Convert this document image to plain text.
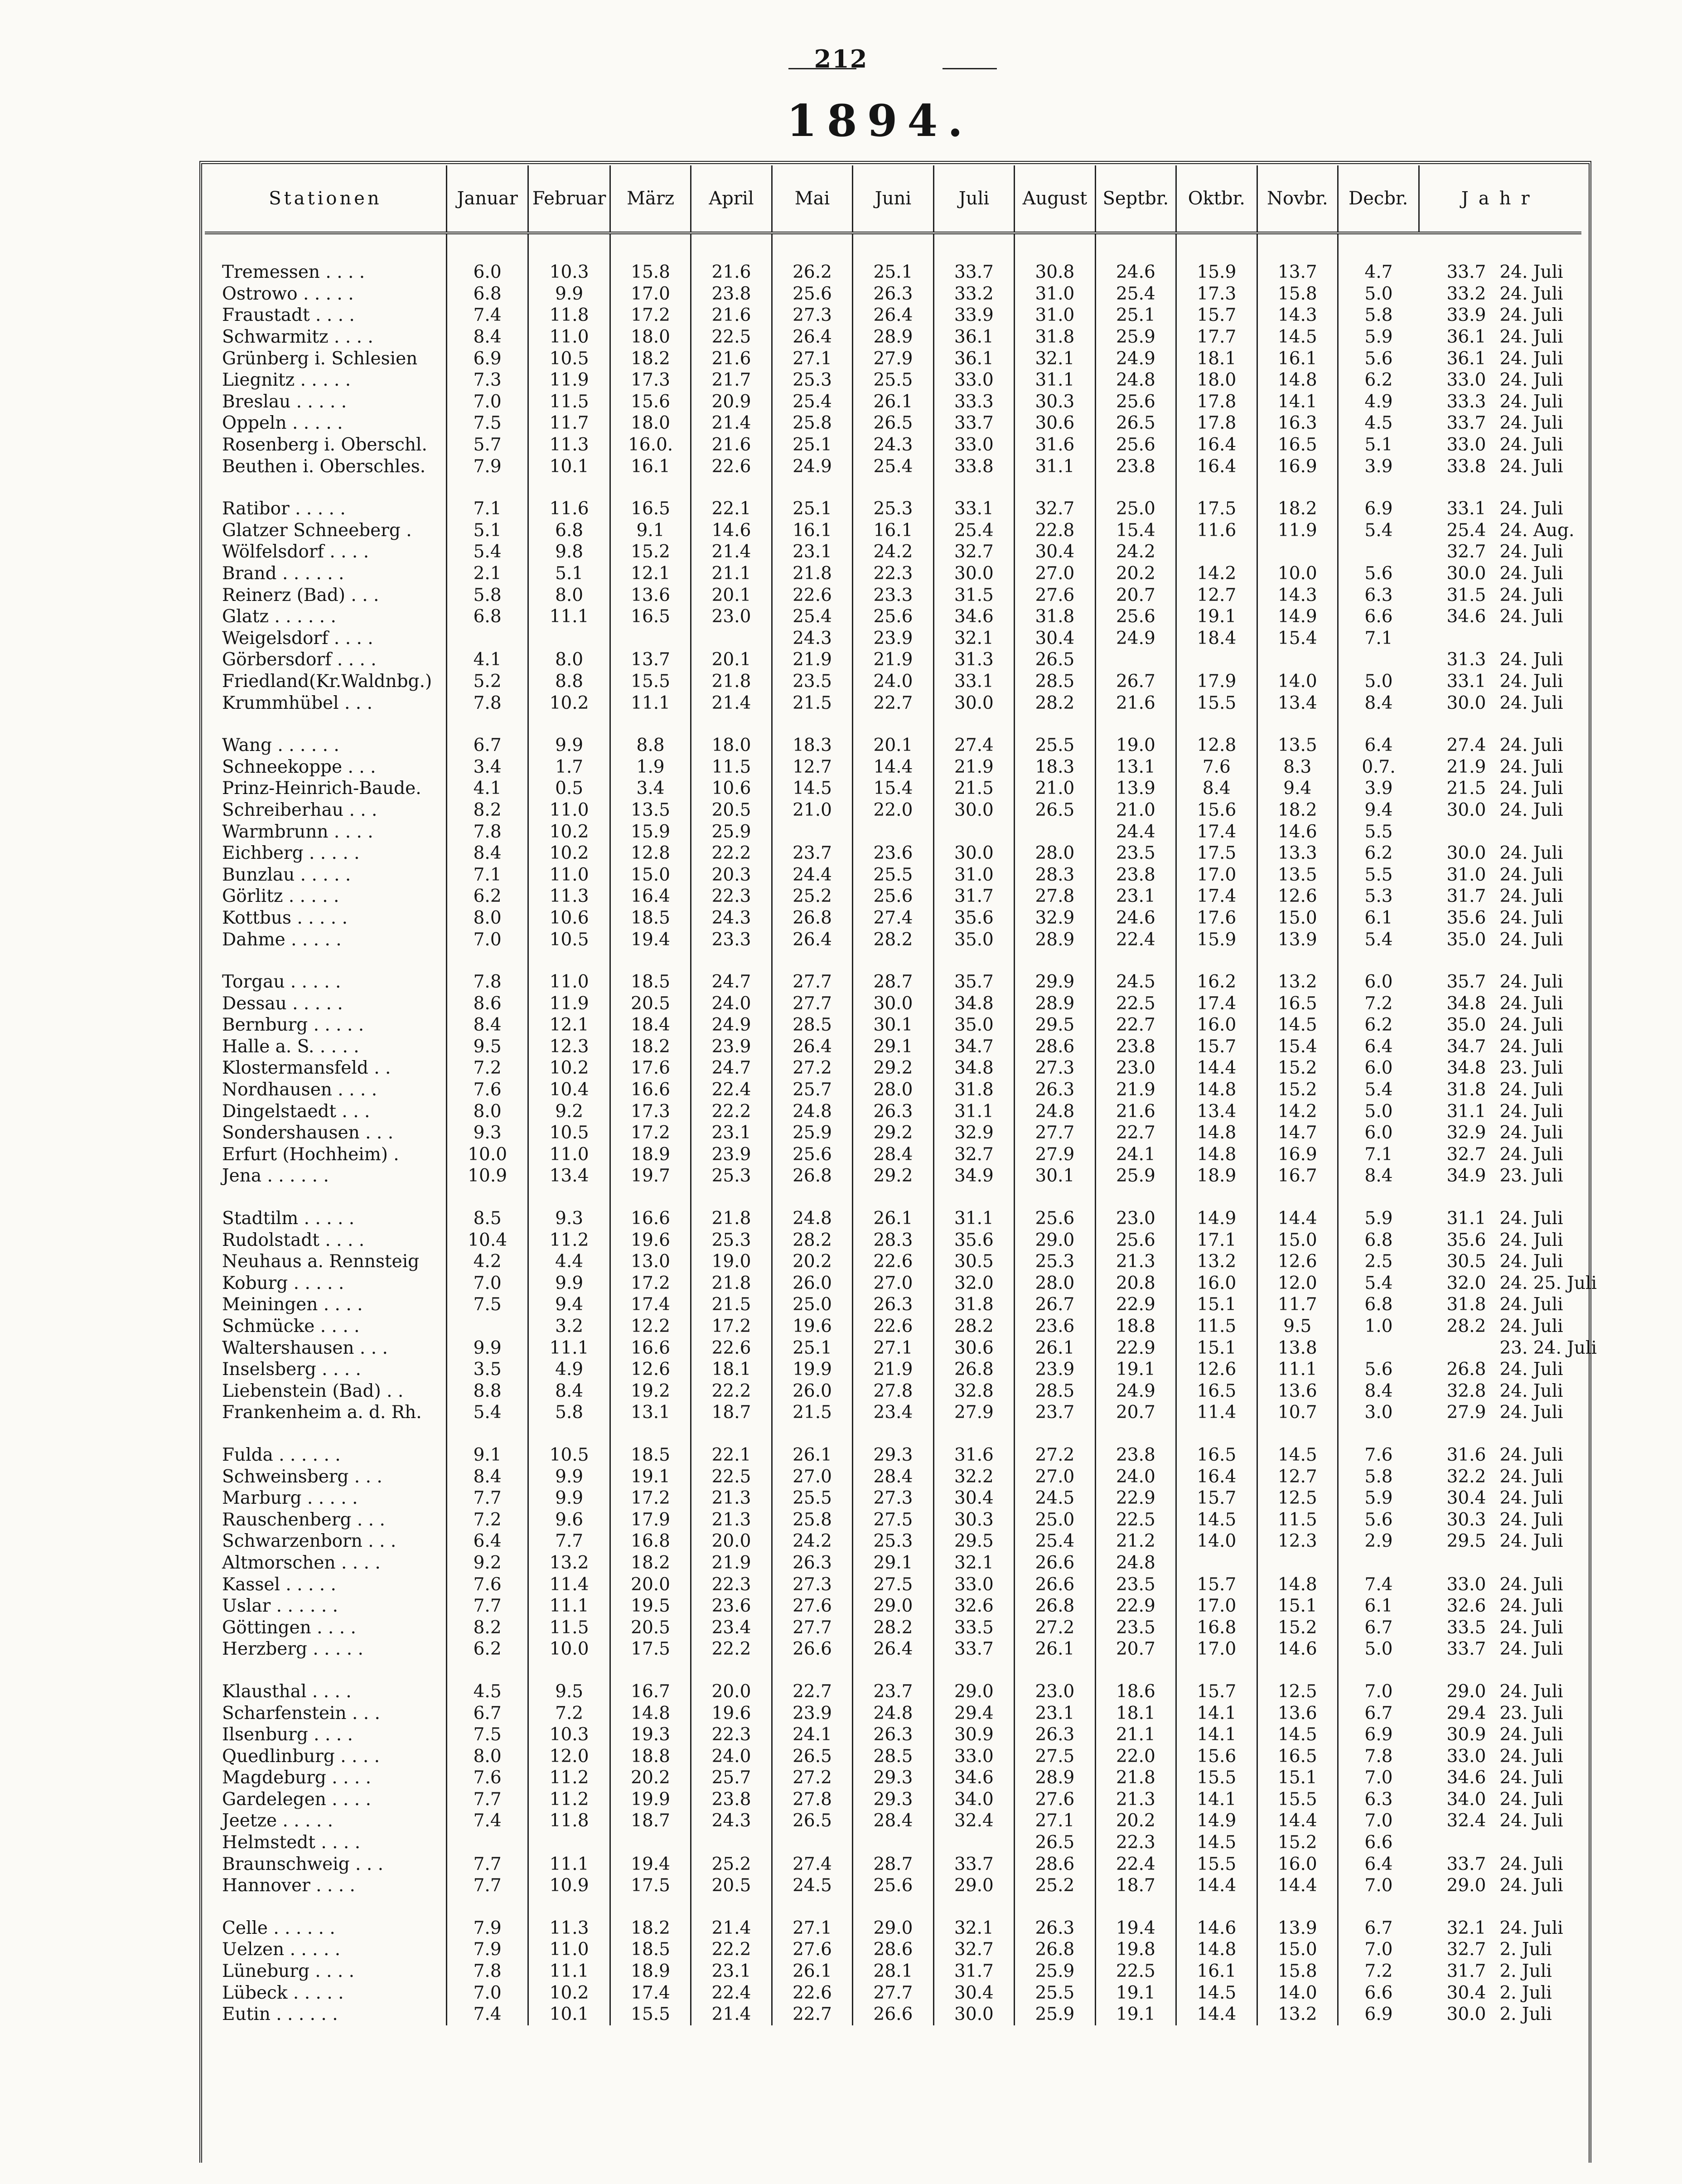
212
1894.
Stationen	Januar	Februar	März	April	Mai	Juni	Juli	August	Septbr.	Oktbr.	Novbr.	Decbr.	Jahr	

Tremessen . . . .	6.0	10.3	15.8	21.6	26.2	25.1	33.7	30.8	24.6	15.9	13.7	4.7	33.7	24. Juli
Ostrowo . . . . .	6.8	9.9	17.0	23.8	25.6	26.3	33.2	31.0	25.4	17.3	15.8	5.0	33.2	24. Juli
Fraustadt . . . .	7.4	11.8	17.2	21.6	27.3	26.4	33.9	31.0	25.1	15.7	14.3	5.8	33.9	24. Juli
Schwarmitz . . . .	8.4	11.0	18.0	22.5	26.4	28.9	36.1	31.8	25.9	17.7	14.5	5.9	36.1	24. Juli
Grünberg i. Schlesien	6.9	10.5	18.2	21.6	27.1	27.9	36.1	32.1	24.9	18.1	16.1	5.6	36.1	24. Juli
Liegnitz . . . . .	7.3	11.9	17.3	21.7	25.3	25.5	33.0	31.1	24.8	18.0	14.8	6.2	33.0	24. Juli
Breslau . . . . .	7.0	11.5	15.6	20.9	25.4	26.1	33.3	30.3	25.6	17.8	14.1	4.9	33.3	24. Juli
Oppeln . . . . .	7.5	11.7	18.0	21.4	25.8	26.5	33.7	30.6	26.5	17.8	16.3	4.5	33.7	24. Juli
Rosenberg i. Oberschl.	5.7	11.3	16.0.	21.6	25.1	24.3	33.0	31.6	25.6	16.4	16.5	5.1	33.0	24. Juli
Beuthen i. Oberschles.	7.9	10.1	16.1	22.6	24.9	25.4	33.8	31.1	23.8	16.4	16.9	3.9	33.8	24. Juli

Ratibor . . . . .	7.1	11.6	16.5	22.1	25.1	25.3	33.1	32.7	25.0	17.5	18.2	6.9	33.1	24. Juli
Glatzer Schneeberg .	5.1	6.8	9.1	14.6	16.1	16.1	25.4	22.8	15.4	11.6	11.9	5.4	25.4	24. Aug.
Wölfelsdorf . . . .	5.4	9.8	15.2	21.4	23.1	24.2	32.7	30.4	24.2				32.7	24. Juli
Brand . . . . . .	2.1	5.1	12.1	21.1	21.8	22.3	30.0	27.0	20.2	14.2	10.0	5.6	30.0	24. Juli
Reinerz (Bad) . . .	5.8	8.0	13.6	20.1	22.6	23.3	31.5	27.6	20.7	12.7	14.3	6.3	31.5	24. Juli
Glatz . . . . . .	6.8	11.1	16.5	23.0	25.4	25.6	34.6	31.8	25.6	19.1	14.9	6.6	34.6	24. Juli
Weigelsdorf . . . .					24.3	23.9	32.1	30.4	24.9	18.4	15.4	7.1		
Görbersdorf . . . .	4.1	8.0	13.7	20.1	21.9	21.9	31.3	26.5					31.3	24. Juli
Friedland(Kr.Waldnbg.)	5.2	8.8	15.5	21.8	23.5	24.0	33.1	28.5	26.7	17.9	14.0	5.0	33.1	24. Juli
Krummhübel . . .	7.8	10.2	11.1	21.4	21.5	22.7	30.0	28.2	21.6	15.5	13.4	8.4	30.0	24. Juli

Wang . . . . . .	6.7	9.9	8.8	18.0	18.3	20.1	27.4	25.5	19.0	12.8	13.5	6.4	27.4	24. Juli
Schneekoppe . . .	3.4	1.7	1.9	11.5	12.7	14.4	21.9	18.3	13.1	7.6	8.3	0.7.	21.9	24. Juli
Prinz-Heinrich-Baude.	4.1	0.5	3.4	10.6	14.5	15.4	21.5	21.0	13.9	8.4	9.4	3.9	21.5	24. Juli
Schreiberhau . . .	8.2	11.0	13.5	20.5	21.0	22.0	30.0	26.5	21.0	15.6	18.2	9.4	30.0	24. Juli
Warmbrunn . . . .	7.8	10.2	15.9	25.9					24.4	17.4	14.6	5.5		
Eichberg . . . . .	8.4	10.2	12.8	22.2	23.7	23.6	30.0	28.0	23.5	17.5	13.3	6.2	30.0	24. Juli
Bunzlau . . . . .	7.1	11.0	15.0	20.3	24.4	25.5	31.0	28.3	23.8	17.0	13.5	5.5	31.0	24. Juli
Görlitz . . . . .	6.2	11.3	16.4	22.3	25.2	25.6	31.7	27.8	23.1	17.4	12.6	5.3	31.7	24. Juli
Kottbus . . . . .	8.0	10.6	18.5	24.3	26.8	27.4	35.6	32.9	24.6	17.6	15.0	6.1	35.6	24. Juli
Dahme . . . . .	7.0	10.5	19.4	23.3	26.4	28.2	35.0	28.9	22.4	15.9	13.9	5.4	35.0	24. Juli

Torgau . . . . .	7.8	11.0	18.5	24.7	27.7	28.7	35.7	29.9	24.5	16.2	13.2	6.0	35.7	24. Juli
Dessau . . . . .	8.6	11.9	20.5	24.0	27.7	30.0	34.8	28.9	22.5	17.4	16.5	7.2	34.8	24. Juli
Bernburg . . . . .	8.4	12.1	18.4	24.9	28.5	30.1	35.0	29.5	22.7	16.0	14.5	6.2	35.0	24. Juli
Halle a. S. . . . .	9.5	12.3	18.2	23.9	26.4	29.1	34.7	28.6	23.8	15.7	15.4	6.4	34.7	24. Juli
Klostermansfeld . .	7.2	10.2	17.6	24.7	27.2	29.2	34.8	27.3	23.0	14.4	15.2	6.0	34.8	23. Juli
Nordhausen . . . .	7.6	10.4	16.6	22.4	25.7	28.0	31.8	26.3	21.9	14.8	15.2	5.4	31.8	24. Juli
Dingelstaedt . . .	8.0	9.2	17.3	22.2	24.8	26.3	31.1	24.8	21.6	13.4	14.2	5.0	31.1	24. Juli
Sondershausen . . .	9.3	10.5	17.2	23.1	25.9	29.2	32.9	27.7	22.7	14.8	14.7	6.0	32.9	24. Juli
Erfurt (Hochheim) .	10.0	11.0	18.9	23.9	25.6	28.4	32.7	27.9	24.1	14.8	16.9	7.1	32.7	24. Juli
Jena . . . . . .	10.9	13.4	19.7	25.3	26.8	29.2	34.9	30.1	25.9	18.9	16.7	8.4	34.9	23. Juli

Stadtilm . . . . .	8.5	9.3	16.6	21.8	24.8	26.1	31.1	25.6	23.0	14.9	14.4	5.9	31.1	24. Juli
Rudolstadt . . . .	10.4	11.2	19.6	25.3	28.2	28.3	35.6	29.0	25.6	17.1	15.0	6.8	35.6	24. Juli
Neuhaus a. Rennsteig	4.2	4.4	13.0	19.0	20.2	22.6	30.5	25.3	21.3	13.2	12.6	2.5	30.5	24. Juli
Koburg . . . . .	7.0	9.9	17.2	21.8	26.0	27.0	32.0	28.0	20.8	16.0	12.0	5.4	32.0	24. 25. Juli
Meiningen . . . .	7.5	9.4	17.4	21.5	25.0	26.3	31.8	26.7	22.9	15.1	11.7	6.8	31.8	24. Juli
Schmücke . . . .		3.2	12.2	17.2	19.6	22.6	28.2	23.6	18.8	11.5	9.5	1.0	28.2	24. Juli
Waltershausen . . .	9.9	11.1	16.6	22.6	25.1	27.1	30.6	26.1	22.9	15.1	13.8			23. 24. Juli
Inselsberg . . . .	3.5	4.9	12.6	18.1	19.9	21.9	26.8	23.9	19.1	12.6	11.1	5.6	26.8	24. Juli
Liebenstein (Bad) . .	8.8	8.4	19.2	22.2	26.0	27.8	32.8	28.5	24.9	16.5	13.6	8.4	32.8	24. Juli
Frankenheim a. d. Rh.	5.4	5.8	13.1	18.7	21.5	23.4	27.9	23.7	20.7	11.4	10.7	3.0	27.9	24. Juli

Fulda . . . . . .	9.1	10.5	18.5	22.1	26.1	29.3	31.6	27.2	23.8	16.5	14.5	7.6	31.6	24. Juli
Schweinsberg . . .	8.4	9.9	19.1	22.5	27.0	28.4	32.2	27.0	24.0	16.4	12.7	5.8	32.2	24. Juli
Marburg . . . . .	7.7	9.9	17.2	21.3	25.5	27.3	30.4	24.5	22.9	15.7	12.5	5.9	30.4	24. Juli
Rauschenberg . . .	7.2	9.6	17.9	21.3	25.8	27.5	30.3	25.0	22.5	14.5	11.5	5.6	30.3	24. Juli
Schwarzenborn . . .	6.4	7.7	16.8	20.0	24.2	25.3	29.5	25.4	21.2	14.0	12.3	2.9	29.5	24. Juli
Altmorschen . . . .	9.2	13.2	18.2	21.9	26.3	29.1	32.1	26.6	24.8					
Kassel . . . . .	7.6	11.4	20.0	22.3	27.3	27.5	33.0	26.6	23.5	15.7	14.8	7.4	33.0	24. Juli
Uslar . . . . . .	7.7	11.1	19.5	23.6	27.6	29.0	32.6	26.8	22.9	17.0	15.1	6.1	32.6	24. Juli
Göttingen . . . .	8.2	11.5	20.5	23.4	27.7	28.2	33.5	27.2	23.5	16.8	15.2	6.7	33.5	24. Juli
Herzberg . . . . .	6.2	10.0	17.5	22.2	26.6	26.4	33.7	26.1	20.7	17.0	14.6	5.0	33.7	24. Juli

Klausthal . . . .	4.5	9.5	16.7	20.0	22.7	23.7	29.0	23.0	18.6	15.7	12.5	7.0	29.0	24. Juli
Scharfenstein . . .	6.7	7.2	14.8	19.6	23.9	24.8	29.4	23.1	18.1	14.1	13.6	6.7	29.4	23. Juli
Ilsenburg . . . .	7.5	10.3	19.3	22.3	24.1	26.3	30.9	26.3	21.1	14.1	14.5	6.9	30.9	24. Juli
Quedlinburg . . . .	8.0	12.0	18.8	24.0	26.5	28.5	33.0	27.5	22.0	15.6	16.5	7.8	33.0	24. Juli
Magdeburg . . . .	7.6	11.2	20.2	25.7	27.2	29.3	34.6	28.9	21.8	15.5	15.1	7.0	34.6	24. Juli
Gardelegen . . . .	7.7	11.2	19.9	23.8	27.8	29.3	34.0	27.6	21.3	14.1	15.5	6.3	34.0	24. Juli
Jeetze . . . . .	7.4	11.8	18.7	24.3	26.5	28.4	32.4	27.1	20.2	14.9	14.4	7.0	32.4	24. Juli
Helmstedt . . . .								26.5	22.3	14.5	15.2	6.6		
Braunschweig . . .	7.7	11.1	19.4	25.2	27.4	28.7	33.7	28.6	22.4	15.5	16.0	6.4	33.7	24. Juli
Hannover . . . .	7.7	10.9	17.5	20.5	24.5	25.6	29.0	25.2	18.7	14.4	14.4	7.0	29.0	24. Juli

Celle . . . . . .	7.9	11.3	18.2	21.4	27.1	29.0	32.1	26.3	19.4	14.6	13.9	6.7	32.1	24. Juli
Uelzen . . . . .	7.9	11.0	18.5	22.2	27.6	28.6	32.7	26.8	19.8	14.8	15.0	7.0	32.7	2. Juli
Lüneburg . . . .	7.8	11.1	18.9	23.1	26.1	28.1	31.7	25.9	22.5	16.1	15.8	7.2	31.7	2. Juli
Lübeck . . . . .	7.0	10.2	17.4	22.4	22.6	27.7	30.4	25.5	19.1	14.5	14.0	6.6	30.4	2. Juli
Eutin . . . . . .	7.4	10.1	15.5	21.4	22.7	26.6	30.0	25.9	19.1	14.4	13.2	6.9	30.0	2. Juli
